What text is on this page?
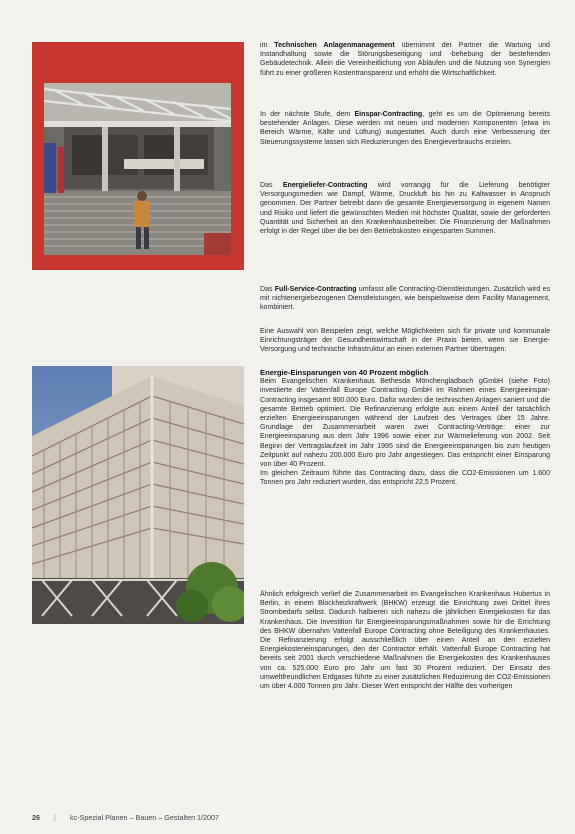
im Technischen Anlagenmanagement übernimmt der Partner die Wartung und Instandhaltung sowie die Störungsbeseitigung und -behebung der bestehenden Gebäudetechnik. Allein die Vereinheitlichung von Abläufen und die Nutzung von Synergien führt zu einer größeren Kostentransparenz und erhöht die Wirtschaftlichkeit.

In der nächste Stufe, dem Einspar-Contracting, geht es um die Optimierung bereits bestehender Anlagen. Diese werden mit neuen und modernen Komponenten (etwa im Bereich Wärme, Kälte und Lüftung) ausgestattet. Auch durch eine Verbesserung der Steuerungssysteme lassen sich Reduzierungen des Energieverbrauchs erzielen.

Das Energieliefer-Contracting wird vorrangig für die Lieferung benötigter Versorgungsmedien wie Dampf, Wärme, Druckluft bis hin zu Kaltwasser in Anspruch genommen. Der Partner betreibt dann die gesamte Energieversorgung in eigenem Namen und Risiko und liefert die gewünschten Medien mit höchster Qualität, sowie der geforderten Quantität und Sicherheit an den Krankenhausbetreiber. Die Finanzierung der Maßnahmen erfolgt in der Regel über die bei den Betriebskosten eingesparten Summen.

Das Full-Service-Contracting umfasst alle Contracting-Dienstleistungen. Zusätzlich wird es mit nichtenergiebezogenen Dienstleistungen, wie beispielsweise dem Facility Management, kombiniert.

Eine Auswahl von Beispielen zeigt, welche Möglichkeiten sich für private und kommunale Einrichtungsträger der Gesundheitswirtschaft in der Praxis bieten, wenn sie Energie-Versorgung und technische Infrastruktur an einen externen Partner übertragen:

Energie-Einsparungen von 40 Prozent möglich

Beim Evangelischen Krankenhaus Bethesda Mönchengladbach gGmbH (siehe Foto) investierte der Vattenfall Europe Contracting GmbH im Rahmen eines Energieeinspar-Contracting insgesamt 900.000 Euro. Dafür wurden die technischen Anlagen saniert und die gesamte Betrieb optimiert. Die Refinanzierung erfolgte aus einem Anteil der tatsächlich erzielten Energieeinsparungen während der Laufzeit des Vertrages über 15 Jahre. Grundlage der Zusammenarbeit waren zwei Contracting-Verträge: einer zur Energieeinsparung aus dem Jahr 1996 sowie einer zur Wärmelieferung von 2002. Seit Beginn der Vertragslaufzeit im Jahr 1995 sind die Energieeinsparungen bis zum heutigen Zeitpunkt auf nahezu 200.000 Euro pro Jahr angestiegen. Das entspricht einer Einsparung von über 40 Prozent.

Im gleichen Zeitraum führte das Contracting dazu, dass die CO2-Emissionen um 1.600 Tonnen pro Jahr reduziert wurden, das entspricht 22,5 Prozent.

Ähnlich erfolgreich verlief die Zusammenarbeit im Evangelischen Krankenhaus Hubertus in Berlin, in einem Blockheizkraftwerk (BHKW) erzeugt die Einrichtung zwei Drittel ihres Strombedarfs selbst. Dadurch halbieren sich nahezu die jährlichen Energiekosten für das Krankenhaus. Die Investition für Energieeinsparungsmaßnahmen sowie für die Errichtung des BHKW übernahm Vattenfall Europe Contracting ohne Beteiligung des Krankenhauses. Die Refinanzierung erfolgt ausschließlich über einen Anteil an den erzielten Energiekosteneinsparungen, den der Contractor erhält. Vattenfall Europe Contracting hat bereits seit 2001 durch verschiedene Maßnahmen die Energiekosten des Krankenhauses von ca. 525.000 Euro pro Jahr um fast 30 Prozent reduziert. Der Einsatz des umweltfreundlichen Erdgases führte zu einer zusätzlichen Reduzierung der CO2-Emissionen um über 4.000 Tonnen pro Jahr. Dieser Wert entspricht der Hälfte des vorherigen

26 | kc-Spezial Planen – Bauen – Gestalten 1/2007
